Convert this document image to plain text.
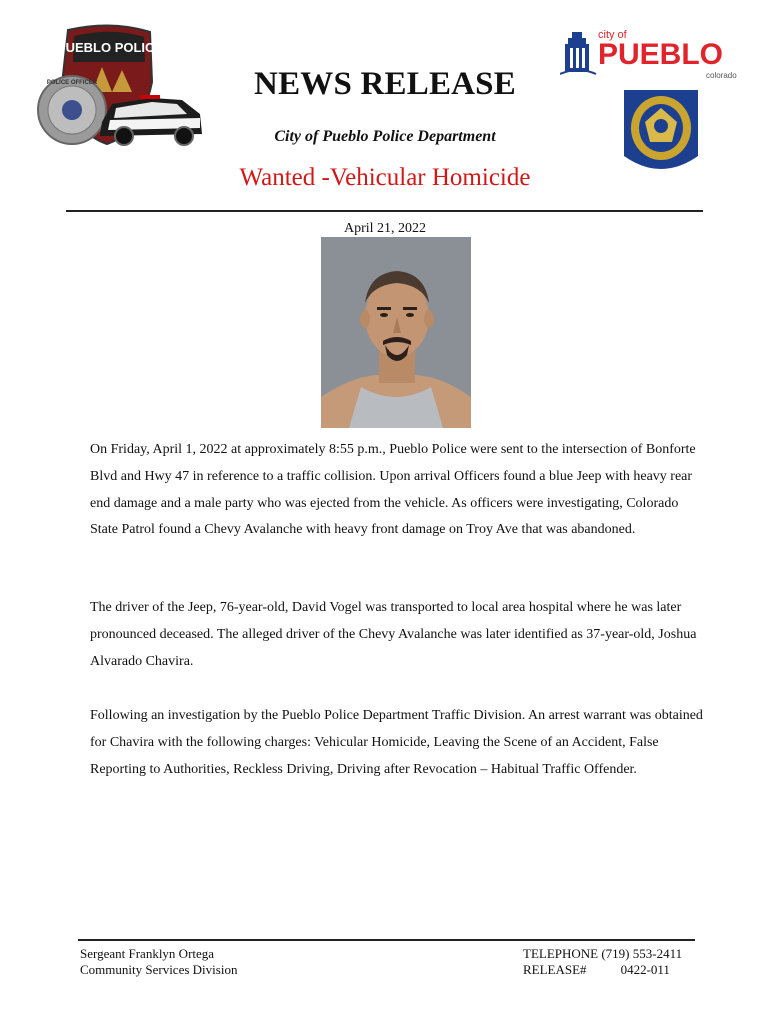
PUEBLO POLICE
POLICE OFFICER
city of
PUEBLO
colorado
NEWS RELEASE
City of Pueblo Police Department
Wanted -Vehicular Homicide
April 21, 2022

On Friday, April 1, 2022 at approximately 8:55 p.m., Pueblo Police were sent to the intersection of Bonforte Blvd and Hwy 47 in reference to a traffic collision. Upon arrival Officers found a blue Jeep with heavy rear end damage and a male party who was ejected from the vehicle. As officers were investigating, Colorado State Patrol found a Chevy Avalanche with heavy front damage on Troy Ave that was abandoned.

The driver of the Jeep, 76-year-old, David Vogel was transported to local area hospital where he was later pronounced deceased. The alleged driver of the Chevy Avalanche was later identified as 37-year-old, Joshua Alvarado Chavira.

Following an investigation by the Pueblo Police Department Traffic Division. An arrest warrant was obtained for Chavira with the following charges: Vehicular Homicide, Leaving the Scene of an Accident, False Reporting to Authorities, Reckless Driving, Driving after Revocation – Habitual Traffic Offender.

Sergeant Franklyn Ortega
Community Services Division
TELEPHONE (719) 553-2411
RELEASE#	0422-011
